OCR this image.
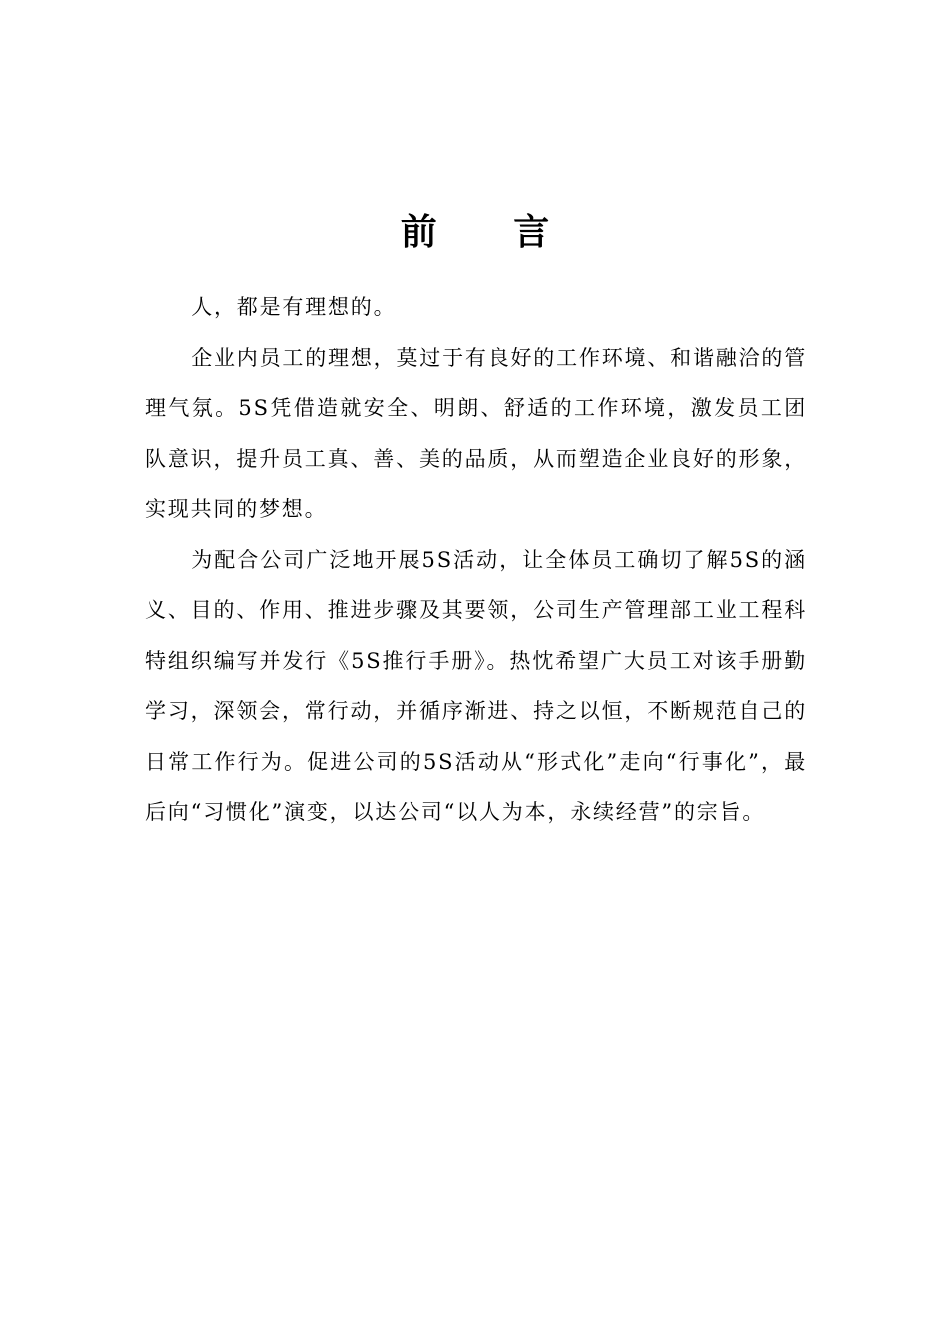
前 言

人，都是有理想的。

企业内员工的理想，莫过于有良好的工作环境、和谐融洽的管理气氛。5S凭借造就安全、明朗、舒适的工作环境，激发员工团队意识，提升员工真、善、美的品质，从而塑造企业良好的形象，实现共同的梦想。

为配合公司广泛地开展5S活动，让全体员工确切了解5S的涵义、目的、作用、推进步骤及其要领，公司生产管理部工业工程科特组织编写并发行《5S推行手册》。热忱希望广大员工对该手册勤学习，深领会，常行动，并循序渐进、持之以恒，不断规范自己的日常工作行为。促进公司的5S活动从“形式化”走向“行事化”，最后向“习惯化”演变，以达公司“以人为本，永续经营”的宗旨。
